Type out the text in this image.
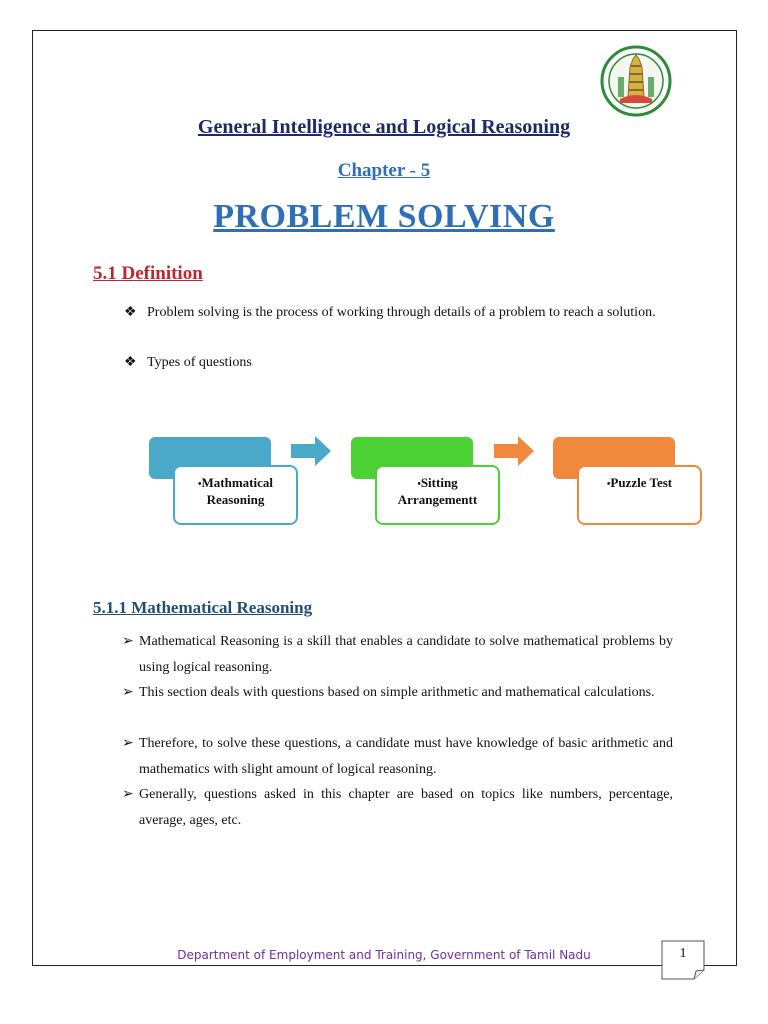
General Intelligence and Logical Reasoning
Chapter - 5
PROBLEM SOLVING
5.1 Definition
❖ Problem solving is the process of working through details of a problem to reach a solution.
❖ Types of questions
•Mathmatical
Reasoning
•Sitting
Arrangementt
•Puzzle Test
5.1.1 Mathematical Reasoning
➢ Mathematical Reasoning is a skill that enables a candidate to solve mathematical problems by using logical reasoning.
➢ This section deals with questions based on simple arithmetic and mathematical calculations.
➢ Therefore, to solve these questions, a candidate must have knowledge of basic arithmetic and mathematics with slight amount of logical reasoning.
➢ Generally, questions asked in this chapter are based on topics like numbers, percentage, average, ages, etc.
Department of Employment and Training, Government of Tamil Nadu	1
